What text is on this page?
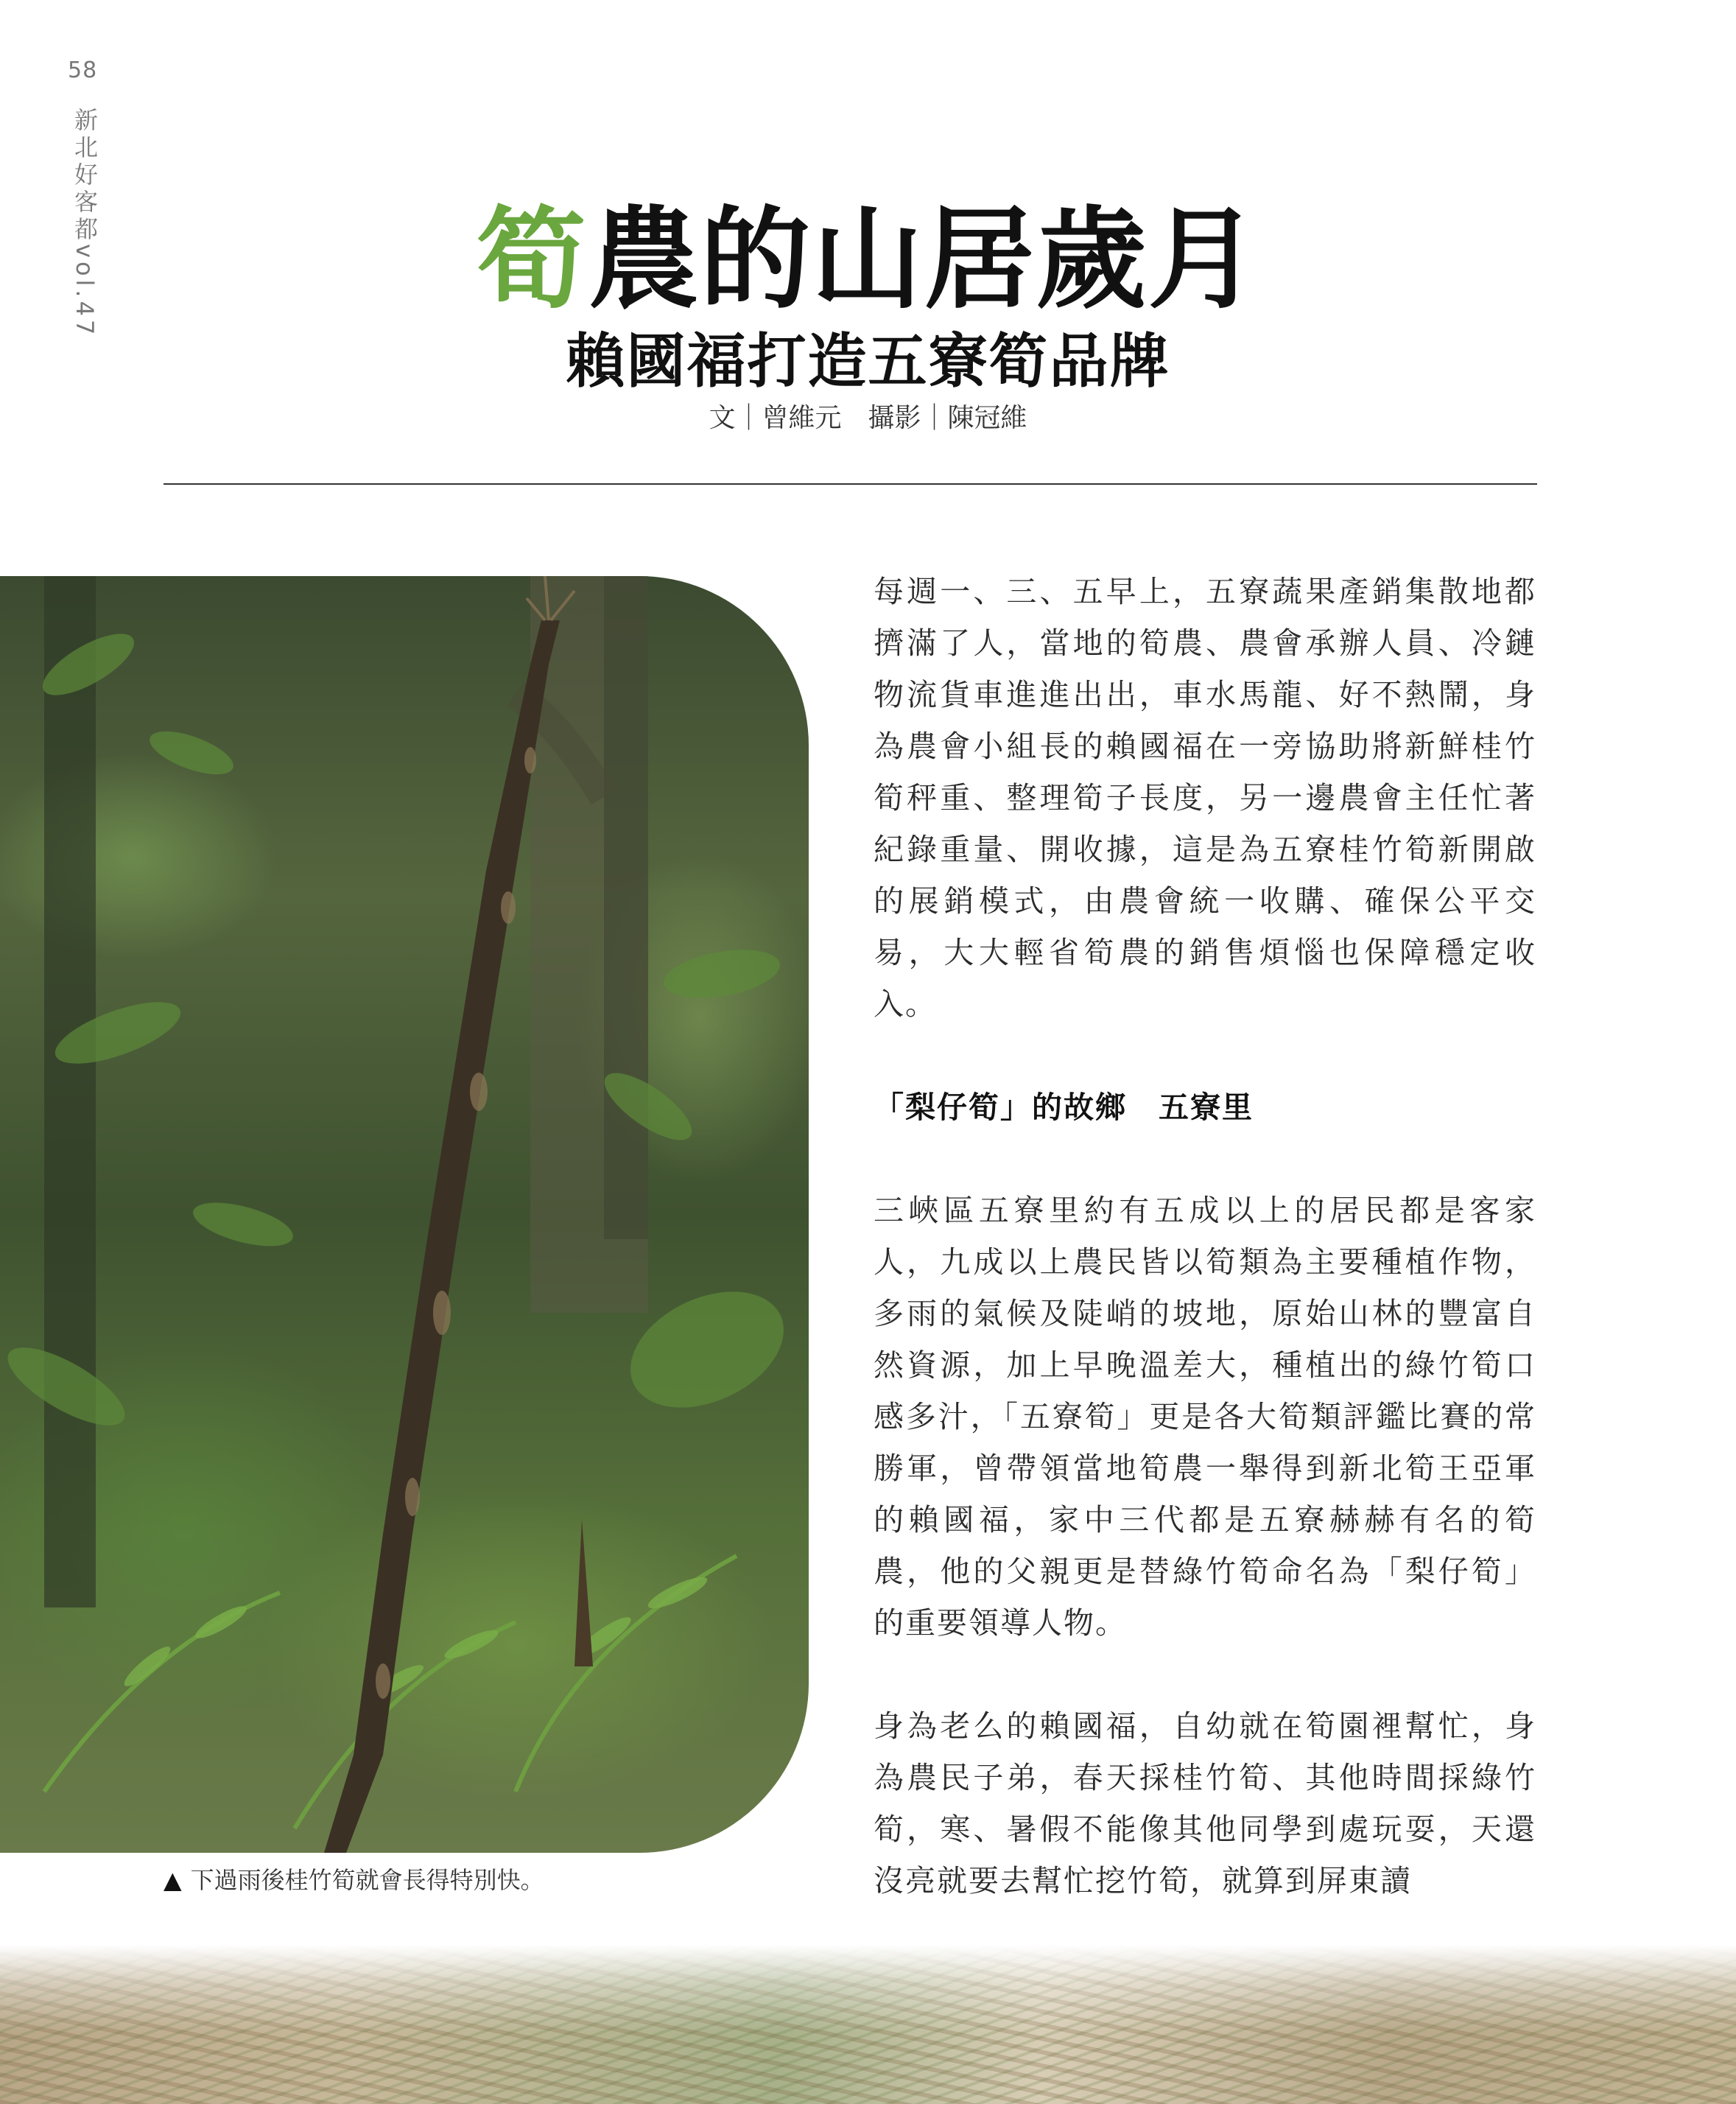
58
新北好客都vol.47	筍農的山居歲月
賴國福打造五寮筍品牌
文｜曾維元 攝影｜陳冠維
▲ 下過雨後桂竹筍就會長得特別快。

每週一、三、五早上，五寮蔬果產銷集散地都擠滿了人，當地的筍農、農會承辦人員、冷鏈物流貨車進進出出，車水馬龍、好不熱鬧，身為農會小組長的賴國福在一旁協助將新鮮桂竹筍秤重、整理筍子長度，另一邊農會主任忙著紀錄重量、開收據，這是為五寮桂竹筍新開啟的展銷模式，由農會統一收購、確保公平交易，大大輕省筍農的銷售煩惱也保障穩定收入。

「梨仔筍」的故鄉　五寮里

三峽區五寮里約有五成以上的居民都是客家人，九成以上農民皆以筍類為主要種植作物，多雨的氣候及陡峭的坡地，原始山林的豐富自然資源，加上早晚溫差大，種植出的綠竹筍口感多汁，「五寮筍」更是各大筍類評鑑比賽的常勝軍，曾帶領當地筍農一舉得到新北筍王亞軍的賴國福，家中三代都是五寮赫赫有名的筍農，他的父親更是替綠竹筍命名為「梨仔筍」的重要領導人物。

身為老么的賴國福，自幼就在筍園裡幫忙，身為農民子弟，春天採桂竹筍、其他時間採綠竹筍，寒、暑假不能像其他同學到處玩耍，天還沒亮就要去幫忙挖竹筍，就算到屏東讀
